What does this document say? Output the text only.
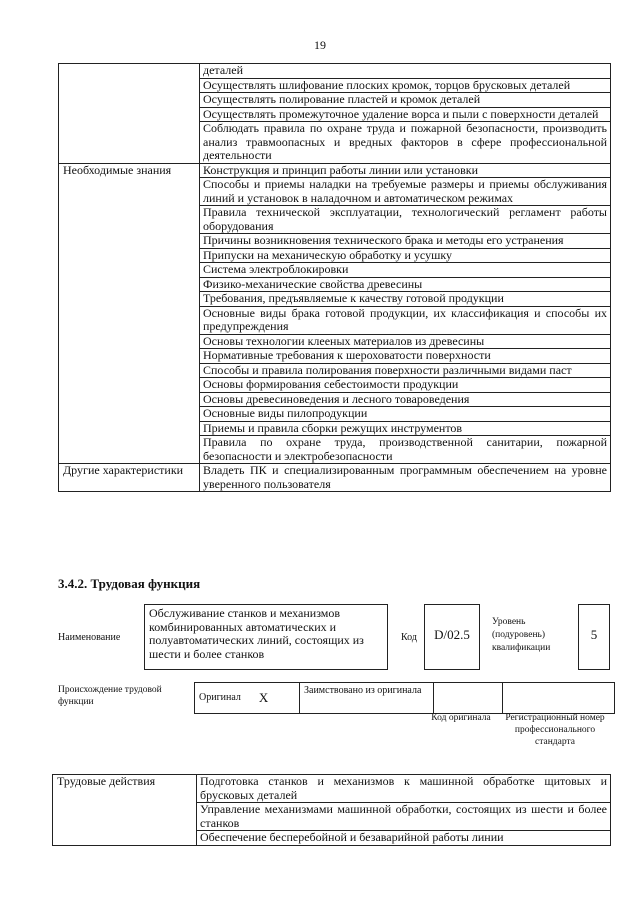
19
	деталей
	Осуществлять шлифование плоских кромок, торцов брусковых деталей
	Осуществлять полирование пластей и кромок деталей
	Осуществлять промежуточное удаление ворса и пыли с поверхности деталей
	Соблюдать правила по охране труда и пожарной безопасности, производить анализ травмоопасных и вредных факторов в сфере профессиональной деятельности
Необходимые знания	Конструкция и принцип работы линии или установки
	Способы и приемы наладки на требуемые размеры и приемы обслуживания линий и установок в наладочном и автоматическом режимах
	Правила технической эксплуатации, технологический регламент работы оборудования
	Причины возникновения технического брака и методы его устранения
	Припуски на механическую обработку и усушку
	Система электроблокировки
	Физико-механические свойства древесины
	Требования, предъявляемые к качеству готовой продукции
	Основные виды брака готовой продукции, их классификация и способы их предупреждения
	Основы технологии клееных материалов из древесины
	Нормативные требования к шероховатости поверхности
	Способы и правила полирования поверхности различными видами паст
	Основы формирования себестоимости продукции
	Основы древесиноведения и лесного товароведения
	Основные виды пилопродукции
	Приемы и правила сборки режущих инструментов
	Правила по охране труда, производственной санитарии, пожарной безопасности и электробезопасности
Другие характеристики	Владеть ПК и специализированным программным обеспечением на уровне уверенного пользователя
3.4.2. Трудовая функция
Наименование
Обслуживание станков и механизмов комбинированных автоматических и полуавтоматических линий, состоящих из шести и более станков
Код	D/02.5
Уровень (подуровень) квалификации
5
Происхождение трудовой функции	Оригинал X	Заимствовано из оригинала		
Код оригинала	Регистрационный номер профессионального стандарта
Трудовые действия	Подготовка станков и механизмов к машинной обработке щитовых и брусковых деталей
Управление механизмами машинной обработки, состоящих из шести и более станков
Обеспечение бесперебойной и безаварийной работы линии
